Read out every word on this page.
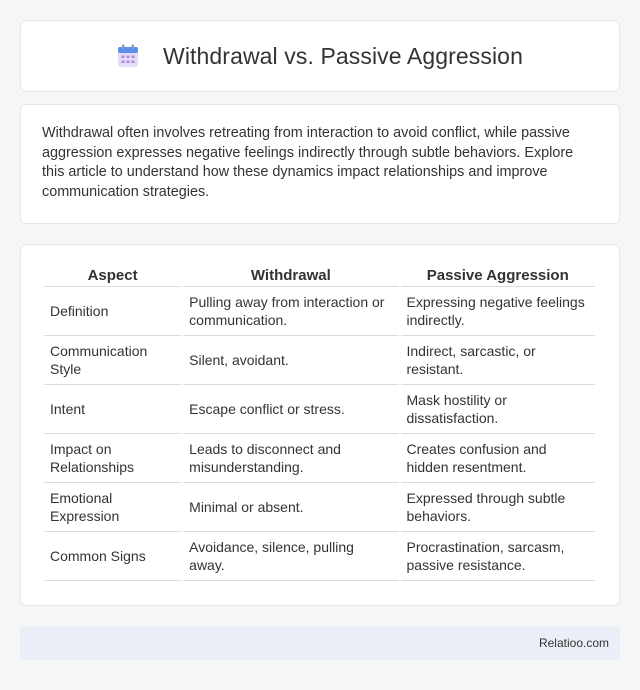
Withdrawal vs. Passive Aggression

Withdrawal often involves retreating from interaction to avoid conflict, while passive aggression expresses negative feelings indirectly through subtle behaviors. Explore this article to understand how these dynamics impact relationships and improve communication strategies.

Aspect	Withdrawal	Passive Aggression
Definition	Pulling away from interaction or communication.	Expressing negative feelings indirectly.
Communication Style	Silent, avoidant.	Indirect, sarcastic, or resistant.
Intent	Escape conflict or stress.	Mask hostility or dissatisfaction.
Impact on Relationships	Leads to disconnect and misunderstanding.	Creates confusion and hidden resentment.
Emotional Expression	Minimal or absent.	Expressed through subtle behaviors.
Common Signs	Avoidance, silence, pulling away.	Procrastination, sarcasm, passive resistance.
Relatioo.com
